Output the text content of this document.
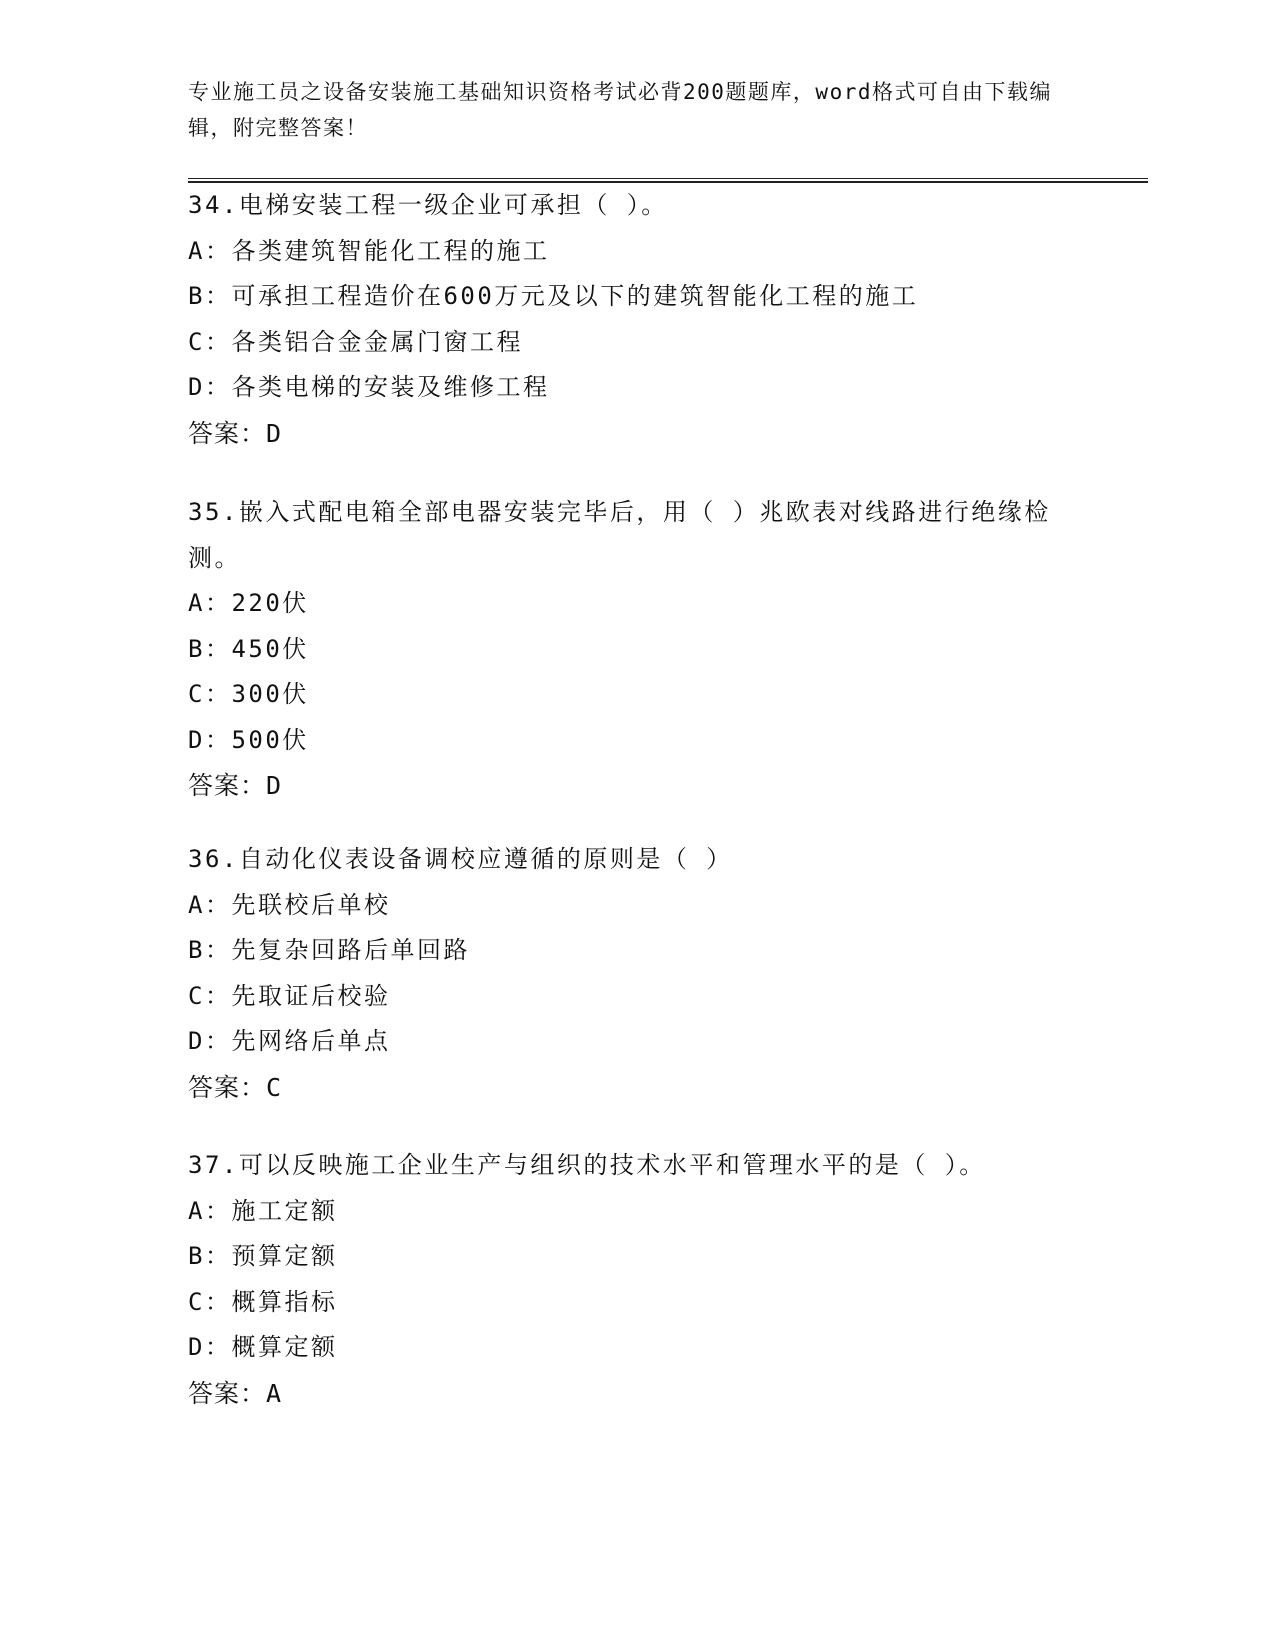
专业施工员之设备安装施工基础知识资格考试必背200题题库，word格式可自由下载编辑，附完整答案！
34.电梯安装工程一级企业可承担（ ）。
A：各类建筑智能化工程的施工
B：可承担工程造价在600万元及以下的建筑智能化工程的施工
C：各类铝合金金属门窗工程
D：各类电梯的安装及维修工程
答案：D
35.嵌入式配电箱全部电器安装完毕后，用（ ）兆欧表对线路进行绝缘检测。
A：220伏
B：450伏
C：300伏
D：500伏
答案：D
36.自动化仪表设备调校应遵循的原则是（ ）
A：先联校后单校
B：先复杂回路后单回路
C：先取证后校验
D：先网络后单点
答案：C
37.可以反映施工企业生产与组织的技术水平和管理水平的是（ ）。
A：施工定额
B：预算定额
C：概算指标
D：概算定额
答案：A
